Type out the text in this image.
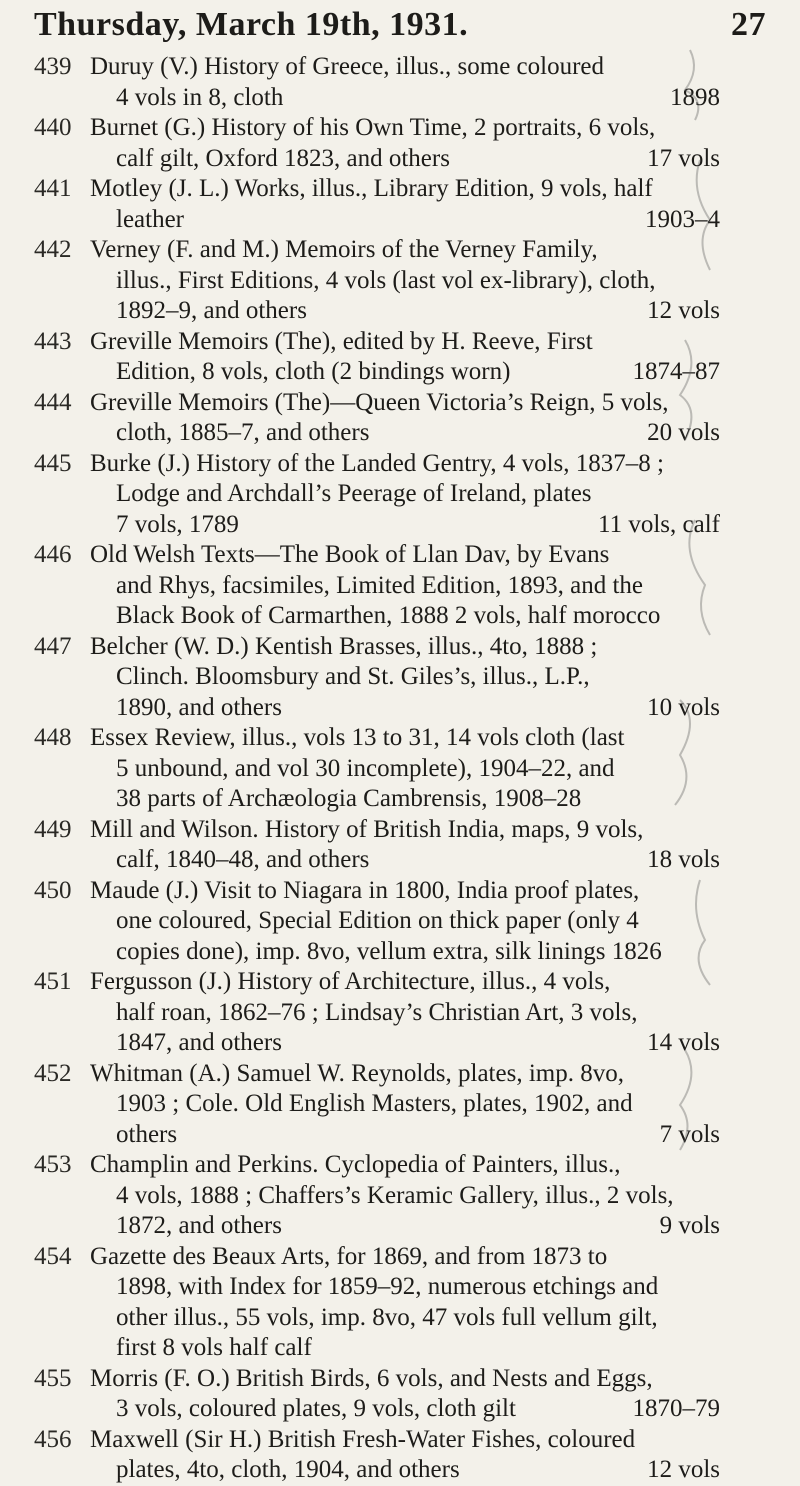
Thursday, March 19th, 1931.	27
439 Duruy (V.) History of Greece, illus., some coloured
4 vols in 8, cloth	1898
440 Burnet (G.) History of his Own Time, 2 portraits, 6 vols,
calf gilt, Oxford 1823, and others	17 vols
441 Motley (J. L.) Works, illus., Library Edition, 9 vols, half
leather	1903–4
442 Verney (F. and M.) Memoirs of the Verney Family,
illus., First Editions, 4 vols (last vol ex-library), cloth,
1892–9, and others	12 vols
443 Greville Memoirs (The), edited by H. Reeve, First
Edition, 8 vols, cloth (2 bindings worn)	1874–87
444 Greville Memoirs (The)—Queen Victoria’s Reign, 5 vols,
cloth, 1885–7, and others	20 vols
445 Burke (J.) History of the Landed Gentry, 4 vols, 1837–8 ;
Lodge and Archdall’s Peerage of Ireland, plates
7 vols, 1789	11 vols, calf
446 Old Welsh Texts—The Book of Llan Dav, by Evans
and Rhys, facsimiles, Limited Edition, 1893, and the
Black Book of Carmarthen, 1888 2 vols, half morocco
447 Belcher (W. D.) Kentish Brasses, illus., 4to, 1888 ;
Clinch. Bloomsbury and St. Giles’s, illus., L.P.,
1890, and others	10 vols
448 Essex Review, illus., vols 13 to 31, 14 vols cloth (last
5 unbound, and vol 30 incomplete), 1904–22, and
38 parts of Archæologia Cambrensis, 1908–28
449 Mill and Wilson. History of British India, maps, 9 vols,
calf, 1840–48, and others	18 vols
450 Maude (J.) Visit to Niagara in 1800, India proof plates,
one coloured, Special Edition on thick paper (only 4
copies done), imp. 8vo, vellum extra, silk linings 1826
451 Fergusson (J.) History of Architecture, illus., 4 vols,
half roan, 1862–76 ; Lindsay’s Christian Art, 3 vols,
1847, and others	14 vols
452 Whitman (A.) Samuel W. Reynolds, plates, imp. 8vo,
1903 ; Cole. Old English Masters, plates, 1902, and
others	7 vols
453 Champlin and Perkins. Cyclopedia of Painters, illus.,
4 vols, 1888 ; Chaffers’s Keramic Gallery, illus., 2 vols,
1872, and others	9 vols
454 Gazette des Beaux Arts, for 1869, and from 1873 to
1898, with Index for 1859–92, numerous etchings and
other illus., 55 vols, imp. 8vo, 47 vols full vellum gilt,
first 8 vols half calf
455 Morris (F. O.) British Birds, 6 vols, and Nests and Eggs,
3 vols, coloured plates, 9 vols, cloth gilt	1870–79
456 Maxwell (Sir H.) British Fresh-Water Fishes, coloured
plates, 4to, cloth, 1904, and others	12 vols
